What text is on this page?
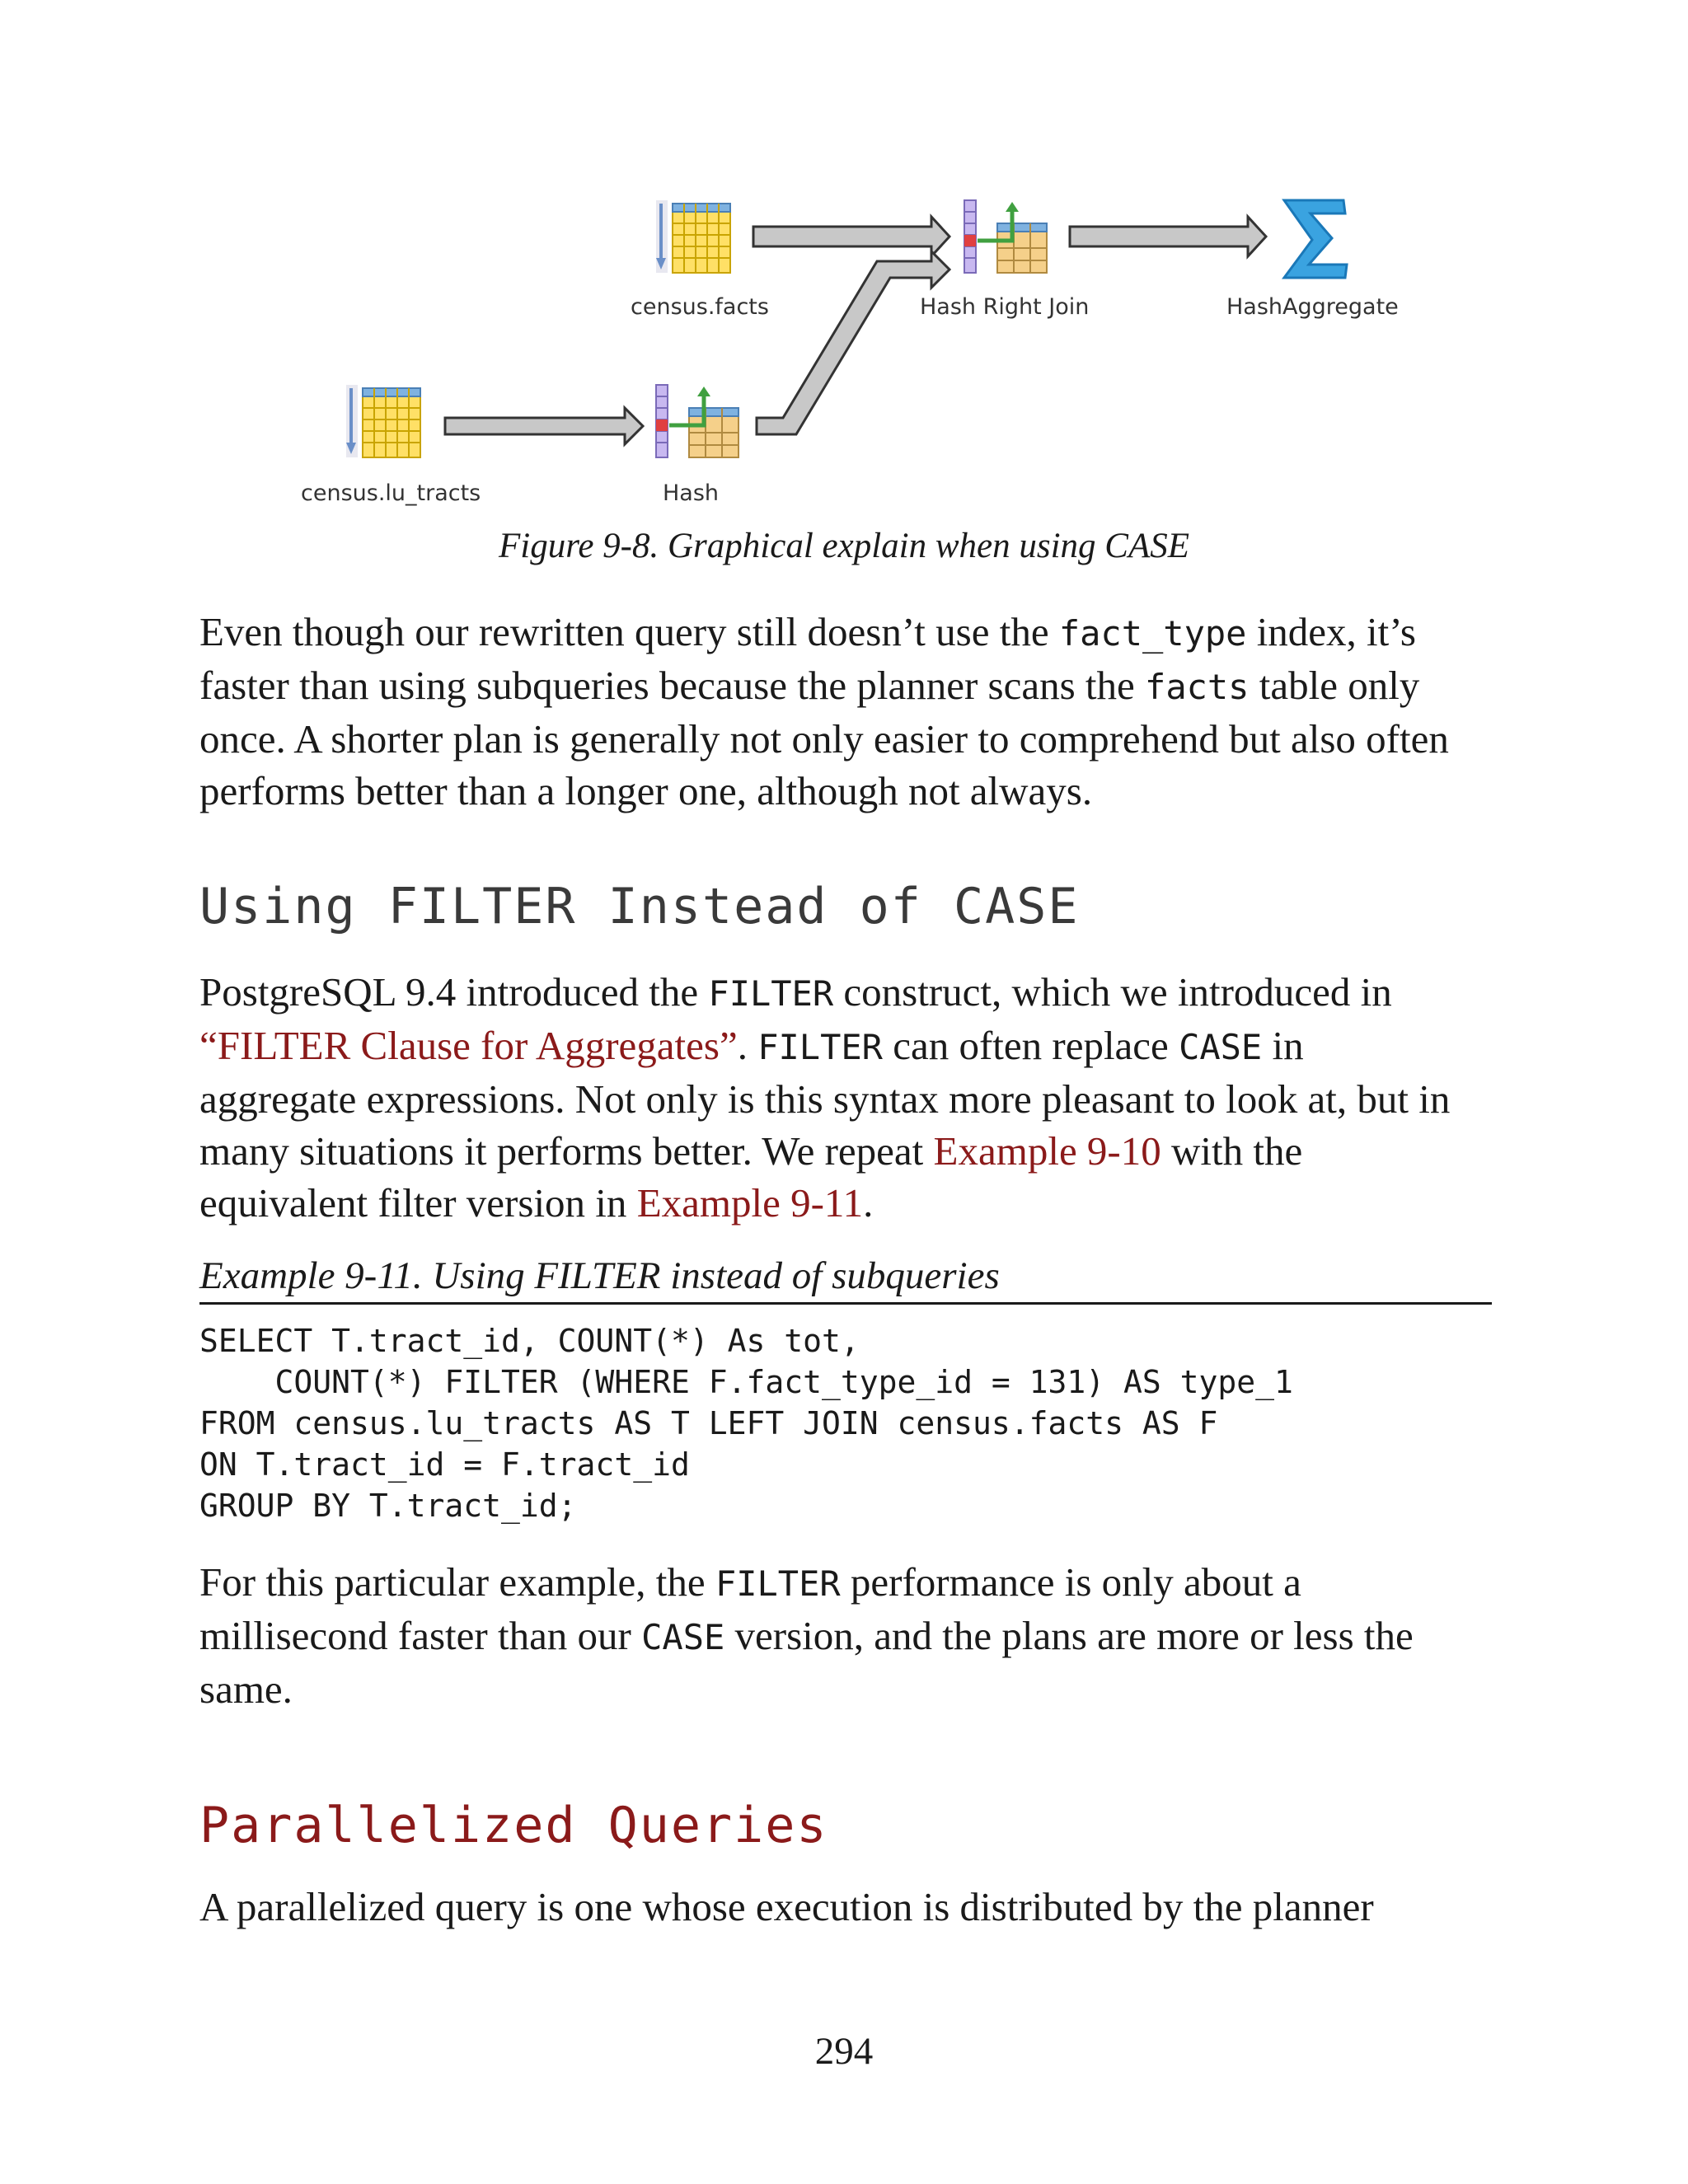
census.facts	Hash Right Join	HashAggregate
census.lu_tracts	Hash
Figure 9-8. Graphical explain when using CASE

Even though our rewritten query still doesn’t use the fact_type index, it’s
faster than using subqueries because the planner scans the facts table only
once. A shorter plan is generally not only easier to comprehend but also often
performs better than a longer one, although not always.

Using FILTER Instead of CASE

PostgreSQL 9.4 introduced the FILTER construct, which we introduced in
“FILTER Clause for Aggregates”. FILTER can often replace CASE in
aggregate expressions. Not only is this syntax more pleasant to look at, but in
many situations it performs better. We repeat Example 9-10 with the
equivalent filter version in Example 9-11.

Example 9-11. Using FILTER instead of subqueries
SELECT T.tract_id, COUNT(*) As tot,
COUNT(*) FILTER (WHERE F.fact_type_id = 131) AS type_1
FROM census.lu_tracts AS T LEFT JOIN census.facts AS F
ON T.tract_id = F.tract_id
GROUP BY T.tract_id;

For this particular example, the FILTER performance is only about a
millisecond faster than our CASE version, and the plans are more or less the
same.

Parallelized Queries

A parallelized query is one whose execution is distributed by the planner

294
